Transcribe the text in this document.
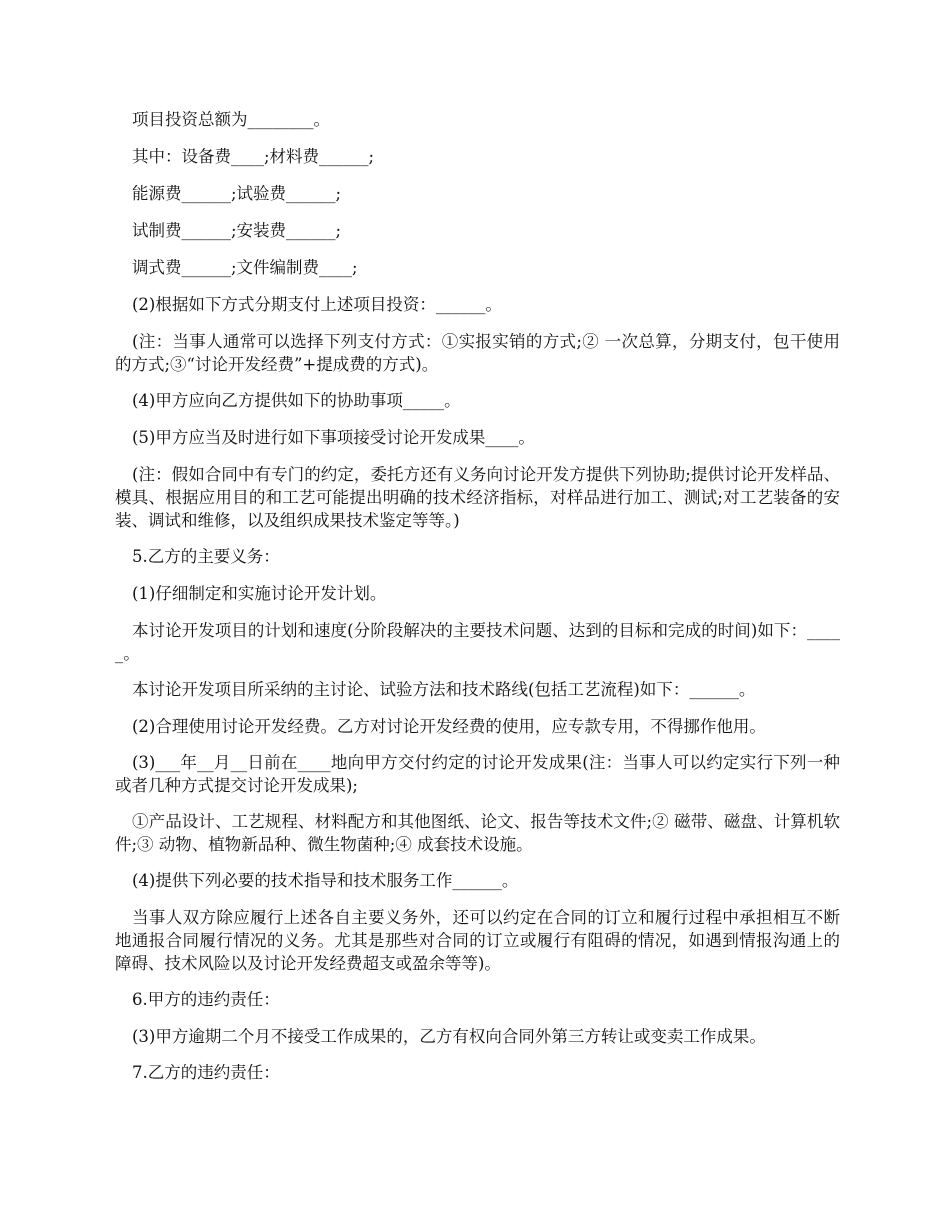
项目投资总额为________。

其中：设备费____;材料费______;

能源费______;试验费______;

试制费______;安装费______;

调式费______;文件编制费____;

(2)根据如下方式分期支付上述项目投资：______。

(注：当事人通常可以选择下列支付方式：①实报实销的方式;② 一次总算，分期支付，包干使用的方式;③“讨论开发经费”+提成费的方式)。

(4)甲方应向乙方提供如下的协助事项_____。

(5)甲方应当及时进行如下事项接受讨论开发成果____。

(注：假如合同中有专门的约定，委托方还有义务向讨论开发方提供下列协助;提供讨论开发样品、模具、根据应用目的和工艺可能提出明确的技术经济指标，对样品进行加工、测试;对工艺装备的安装、调试和维修，以及组织成果技术鉴定等等。)

5.乙方的主要义务：

(1)仔细制定和实施讨论开发计划。

本讨论开发项目的计划和速度(分阶段解决的主要技术问题、达到的目标和完成的时间)如下：_____。

本讨论开发项目所采纳的主讨论、试验方法和技术路线(包括工艺流程)如下：______。

(2)合理使用讨论开发经费。乙方对讨论开发经费的使用，应专款专用，不得挪作他用。

(3)___年__月__日前在____地向甲方交付约定的讨论开发成果(注：当事人可以约定实行下列一种或者几种方式提交讨论开发成果);

①产品设计、工艺规程、材料配方和其他图纸、论文、报告等技术文件;② 磁带、磁盘、计算机软件;③ 动物、植物新品种、微生物菌种;④ 成套技术设施。

(4)提供下列必要的技术指导和技术服务工作______。

当事人双方除应履行上述各自主要义务外，还可以约定在合同的订立和履行过程中承担相互不断地通报合同履行情况的义务。尤其是那些对合同的订立或履行有阻碍的情况，如遇到情报沟通上的障碍、技术风险以及讨论开发经费超支或盈余等等)。

6.甲方的违约责任：

(3)甲方逾期二个月不接受工作成果的，乙方有权向合同外第三方转让或变卖工作成果。

7.乙方的违约责任：
